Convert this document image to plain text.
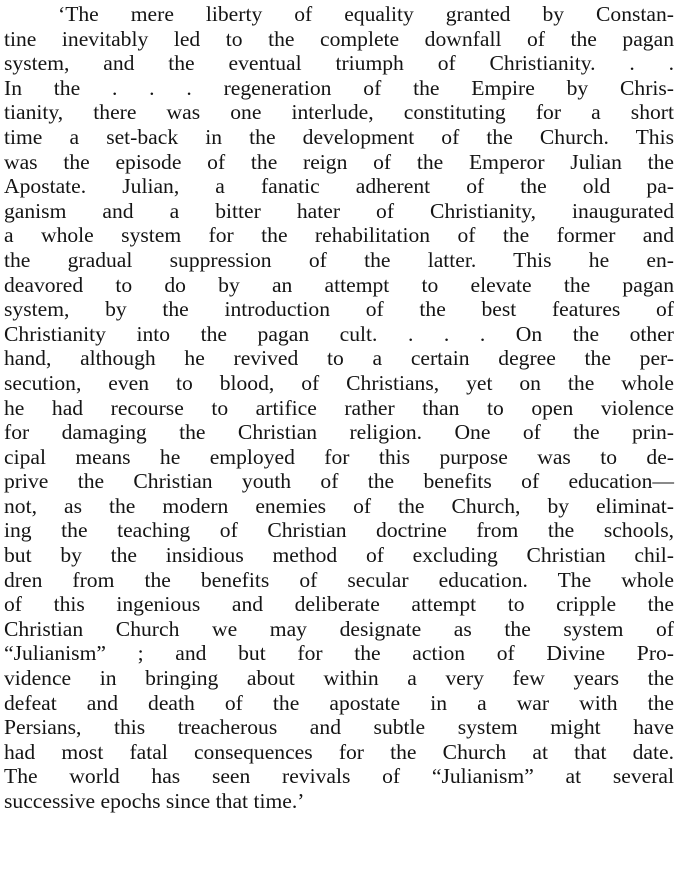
‘The mere liberty of equality granted by Constan-
tine inevitably led to the complete downfall of the pagan
system, and the eventual triumph of Christianity. . .
In the . . . regeneration of the Empire by Chris-
tianity, there was one interlude, constituting for a short
time a set-back in the development of the Church. This
was the episode of the reign of the Emperor Julian the
Apostate. Julian, a fanatic adherent of the old pa-
ganism and a bitter hater of Christianity, inaugurated
a whole system for the rehabilitation of the former and
the gradual suppression of the latter. This he en-
deavored to do by an attempt to elevate the pagan
system, by the introduction of the best features of
Christianity into the pagan cult. . . . On the other
hand, although he revived to a certain degree the per-
secution, even to blood, of Christians, yet on the whole
he had recourse to artifice rather than to open violence
for damaging the Christian religion. One of the prin-
cipal means he employed for this purpose was to de-
prive the Christian youth of the benefits of education—
not, as the modern enemies of the Church, by eliminat-
ing the teaching of Christian doctrine from the schools,
but by the insidious method of excluding Christian chil-
dren from the benefits of secular education. The whole
of this ingenious and deliberate attempt to cripple the
Christian Church we may designate as the system of
“Julianism” ; and but for the action of Divine Pro-
vidence in bringing about within a very few years the
defeat and death of the apostate in a war with the
Persians, this treacherous and subtle system might have
had most fatal consequences for the Church at that date.
The world has seen revivals of “Julianism” at several
successive epochs since that time.’
